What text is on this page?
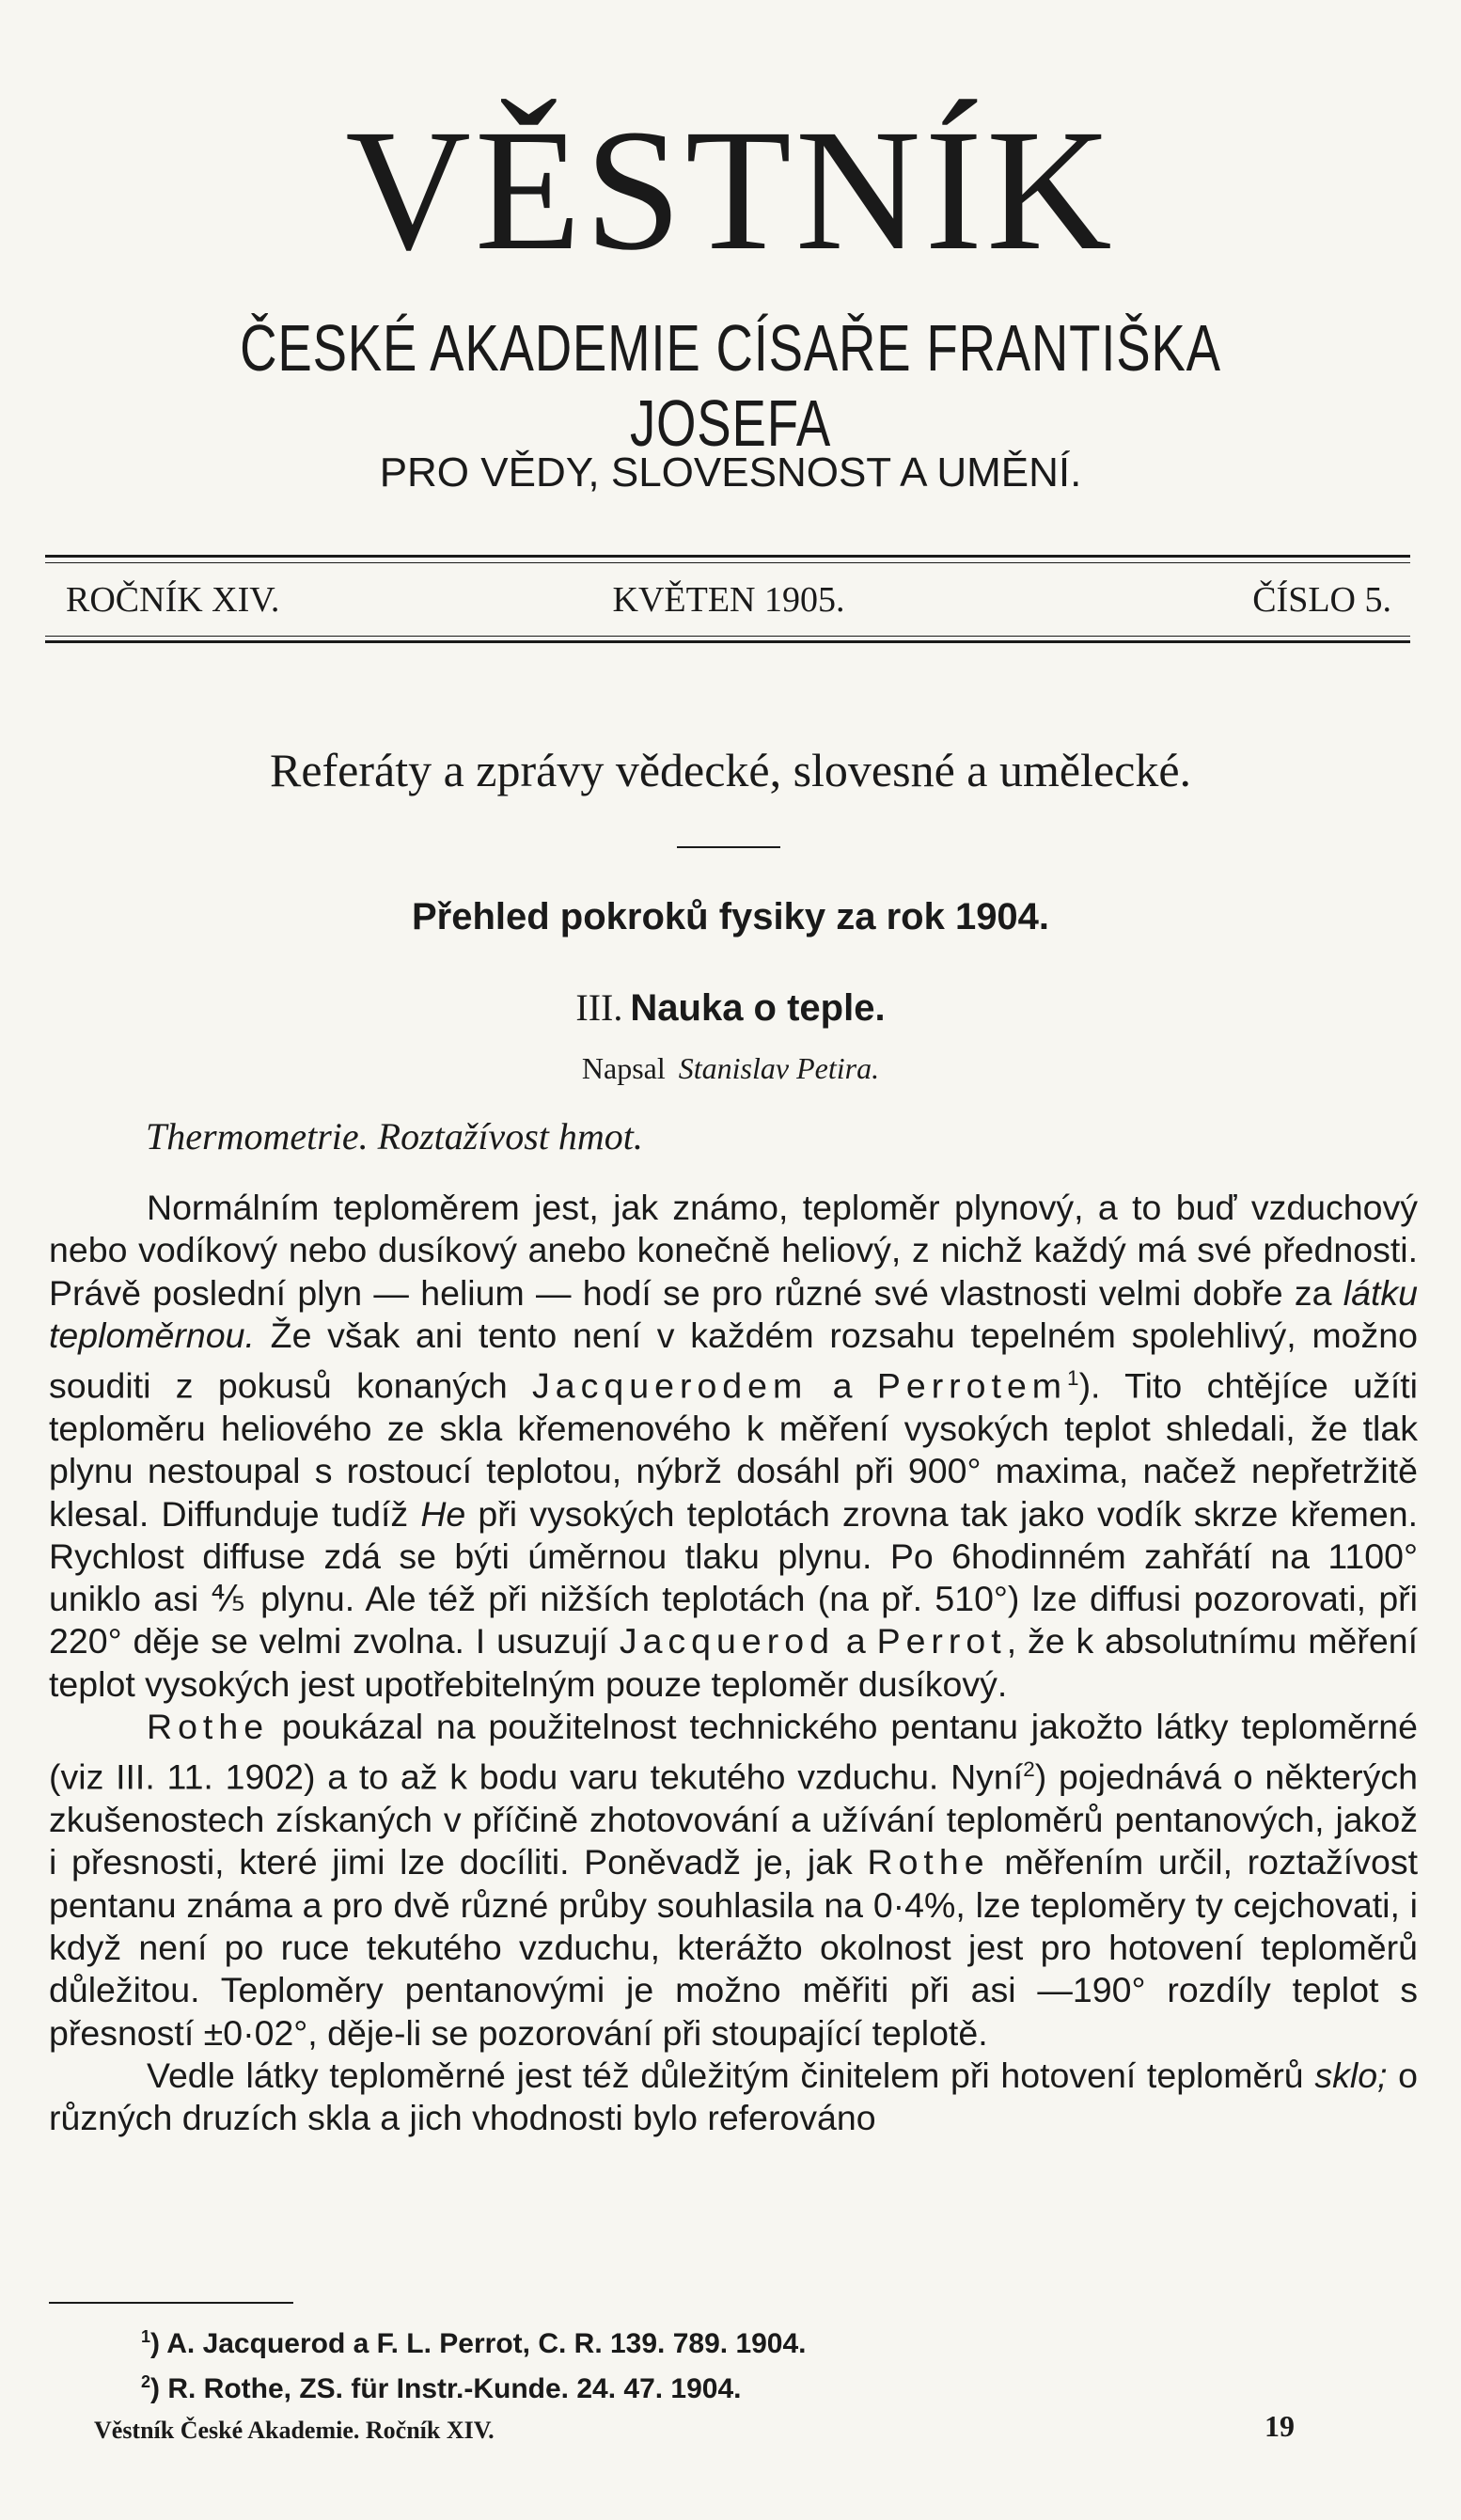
VĚSTNÍK
ČESKÉ AKADEMIE CÍSAŘE FRANTIŠKA JOSEFA
PRO VĚDY, SLOVESNOST A UMĚNÍ.
ROČNÍK XIV.	KVĚTEN 1905.	ČÍSLO 5.
Referáty a zprávy vědecké, slovesné a umělecké.
Přehled pokroků fysiky za rok 1904.
III. Nauka o teple.
Napsal Stanislav Petira.
Thermometrie. Roztažívost hmot.

Normálním teploměrem jest, jak známo, teploměr plynový, a to buď vzduchový nebo vodíkový nebo dusíkový anebo konečně heliový, z nichž každý má své přednosti. Právě poslední plyn — helium — hodí se pro různé své vlastnosti velmi dobře za látku teploměrnou. Že však ani tento není v každém rozsahu tepelném spolehlivý, možno souditi z pokusů konaných Jacquerodem a Perrotem$^1$). Tito chtějíce užíti teploměru heliového ze skla křemenového k měření vysokých teplot shledali, že tlak plynu nestoupal s rostoucí teplotou, nýbrž dosáhl při 900° maxima, načež nepřetržitě klesal. Diffunduje tudíž He při vysokých teplotách zrovna tak jako vodík skrze křemen. Rychlost diffuse zdá se býti úměrnou tlaku plynu. Po 6hodinném zahřátí na 1100° uniklo asi ⅘ plynu. Ale též při nižších teplotách (na př. 510°) lze diffusi pozorovati, při 220° děje se velmi zvolna. I usuzují Jacquerod a Perrot, že k absolutnímu měření teplot vysokých jest upotřebitelným pouze teploměr dusíkový.

Rothe poukázal na použitelnost technického pentanu jakožto látky teploměrné (viz III. 11. 1902) a to až k bodu varu tekutého vzduchu. Nyní$^2$) pojednává o některých zkušenostech získaných v příčině zhotovování a užívání teploměrů pentanových, jakož i přesnosti, které jimi lze docíliti. Poněvadž je, jak Rothe měřením určil, roztažívost pentanu známa a pro dvě různé průby souhlasila na 0·4%, lze teploměry ty cejchovati, i když není po ruce tekutého vzduchu, kterážto okolnost jest pro hotovení teploměrů důležitou. Teploměry pentanovými je možno měřiti při asi —190° rozdíly teplot s přesností ±0·02°, děje-li se pozorování při stoupající teplotě.

Vedle látky teploměrné jest též důležitým činitelem při hotovení teploměrů sklo; o různých druzích skla a jich vhodnosti bylo referováno

$^1$) A. Jacquerod a F. L. Perrot, C. R. 139. 789. 1904.
$^2$) R. Rothe, ZS. für Instr.-Kunde. 24. 47. 1904.
Věstník České Akademie. Ročník XIV.	19
